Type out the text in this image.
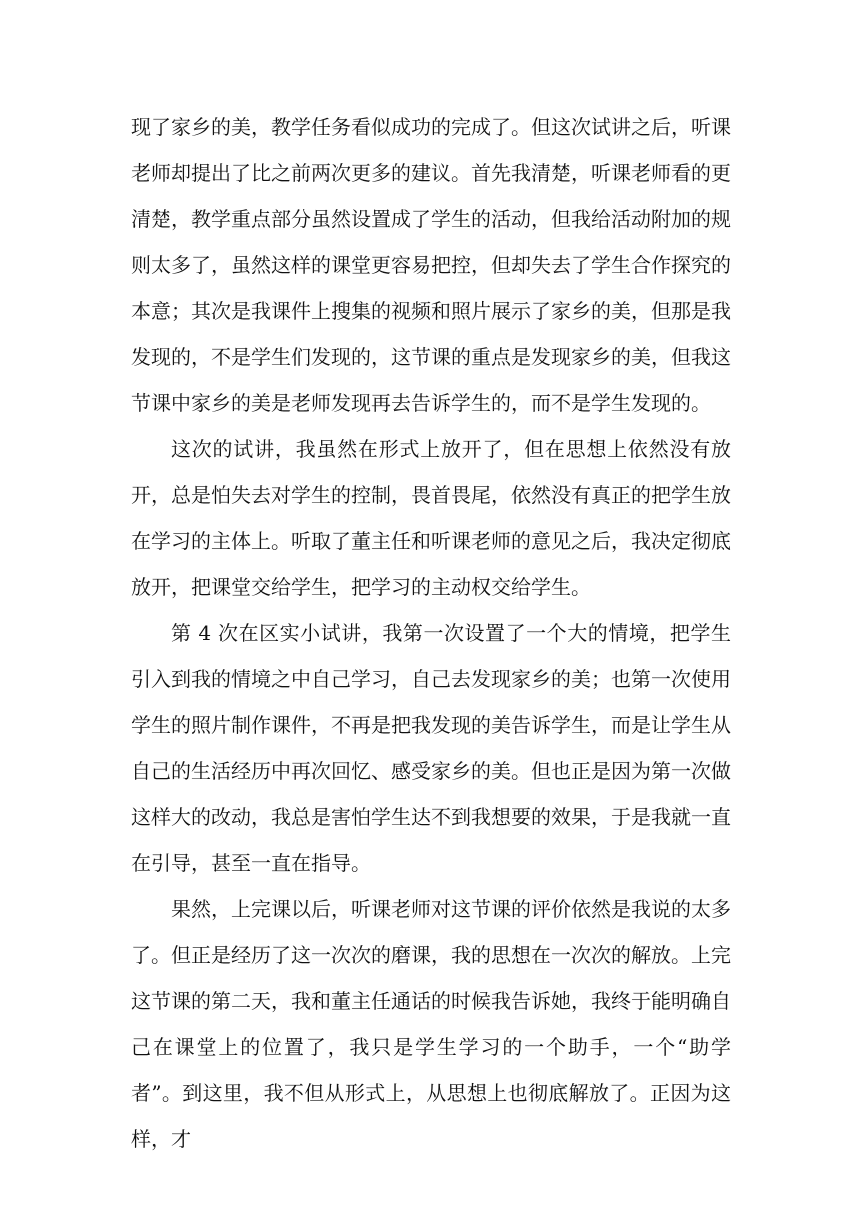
现了家乡的美，教学任务看似成功的完成了。但这次试讲之后，听课老师却提出了比之前两次更多的建议。首先我清楚，听课老师看的更清楚，教学重点部分虽然设置成了学生的活动，但我给活动附加的规则太多了，虽然这样的课堂更容易把控，但却失去了学生合作探究的本意；其次是我课件上搜集的视频和照片展示了家乡的美，但那是我发现的，不是学生们发现的，这节课的重点是发现家乡的美，但我这节课中家乡的美是老师发现再去告诉学生的，而不是学生发现的。

这次的试讲，我虽然在形式上放开了，但在思想上依然没有放开，总是怕失去对学生的控制，畏首畏尾，依然没有真正的把学生放在学习的主体上。听取了董主任和听课老师的意见之后，我决定彻底放开，把课堂交给学生，把学习的主动权交给学生。

第 4 次在区实小试讲，我第一次设置了一个大的情境，把学生引入到我的情境之中自己学习，自己去发现家乡的美；也第一次使用学生的照片制作课件，不再是把我发现的美告诉学生，而是让学生从自己的生活经历中再次回忆、感受家乡的美。但也正是因为第一次做这样大的改动，我总是害怕学生达不到我想要的效果，于是我就一直在引导，甚至一直在指导。

果然，上完课以后，听课老师对这节课的评价依然是我说的太多了。但正是经历了这一次次的磨课，我的思想在一次次的解放。上完这节课的第二天，我和董主任通话的时候我告诉她，我终于能明确自己在课堂上的位置了，我只是学生学习的一个助手，一个“助学者”。到这里，我不但从形式上，从思想上也彻底解放了。正因为这样，才
